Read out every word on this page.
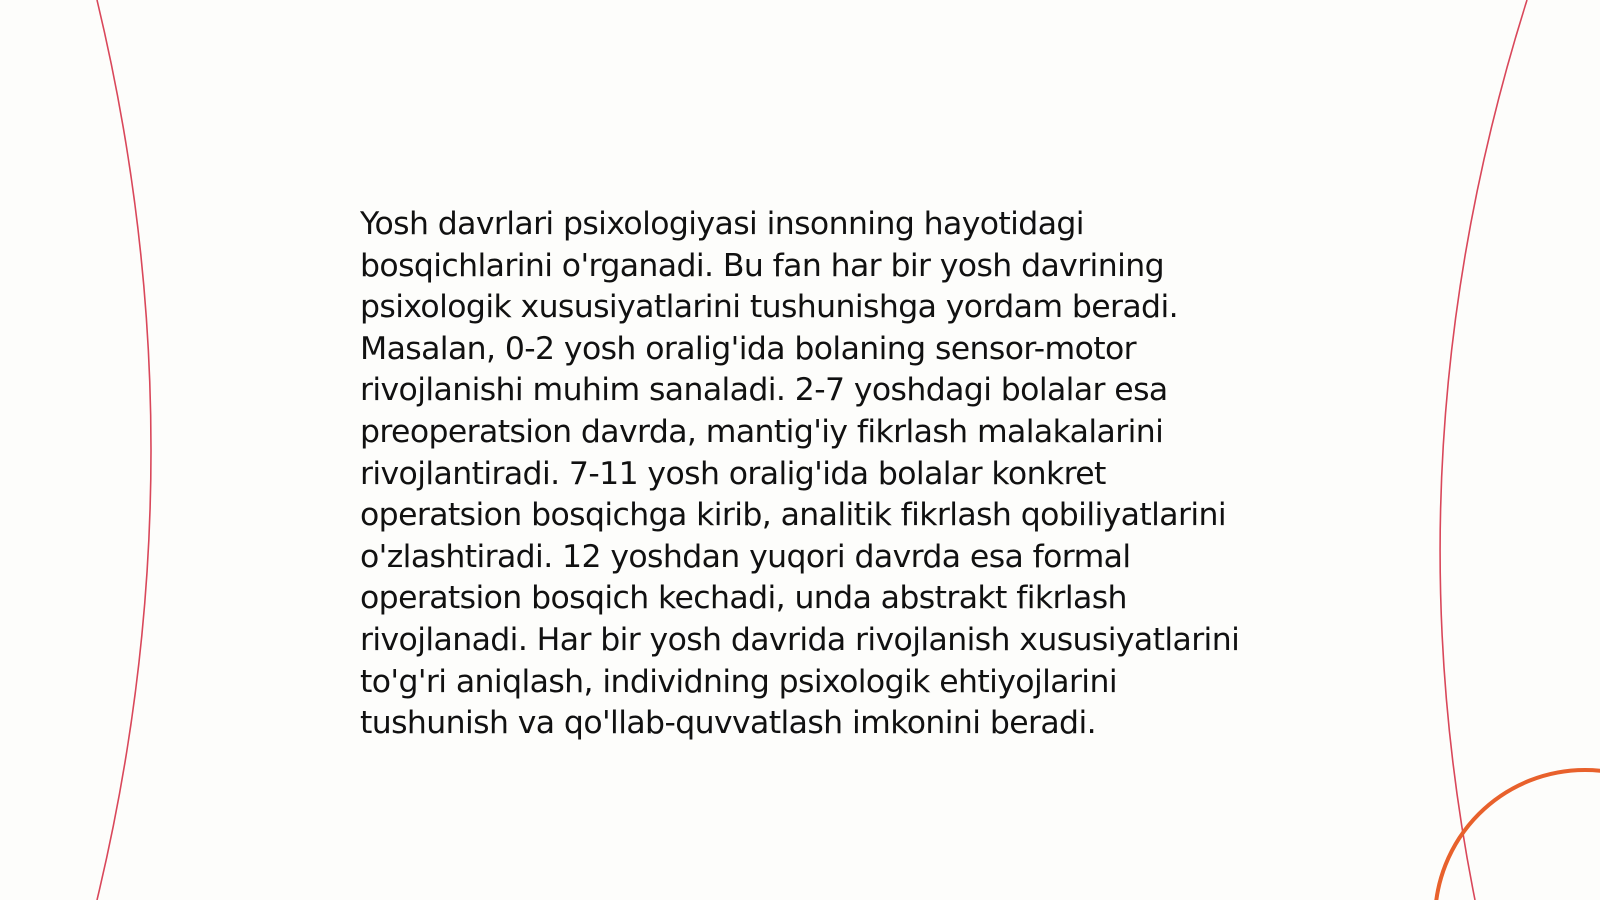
Yosh davrlari psixologiyasi insonning hayotidagi bosqichlarini o'rganadi. Bu fan har bir yosh davrining psixologik xususiyatlarini tushunishga yordam beradi. Masalan, 0-2 yosh oralig'ida bolaning sensor-motor rivojlanishi muhim sanaladi. 2-7 yoshdagi bolalar esa preoperatsion davrda, mantig'iy fikrlash malakalarini rivojlantiradi. 7-11 yosh oralig'ida bolalar konkret operatsion bosqichga kirib, analitik fikrlash qobiliyatlarini o'zlashtiradi. 12 yoshdan yuqori davrda esa formal operatsion bosqich kechadi, unda abstrakt fikrlash rivojlanadi. Har bir yosh davrida rivojlanish xususiyatlarini to'g'ri aniqlash, individning psixologik ehtiyojlarini tushunish va qo'llab-quvvatlash imkonini beradi.
